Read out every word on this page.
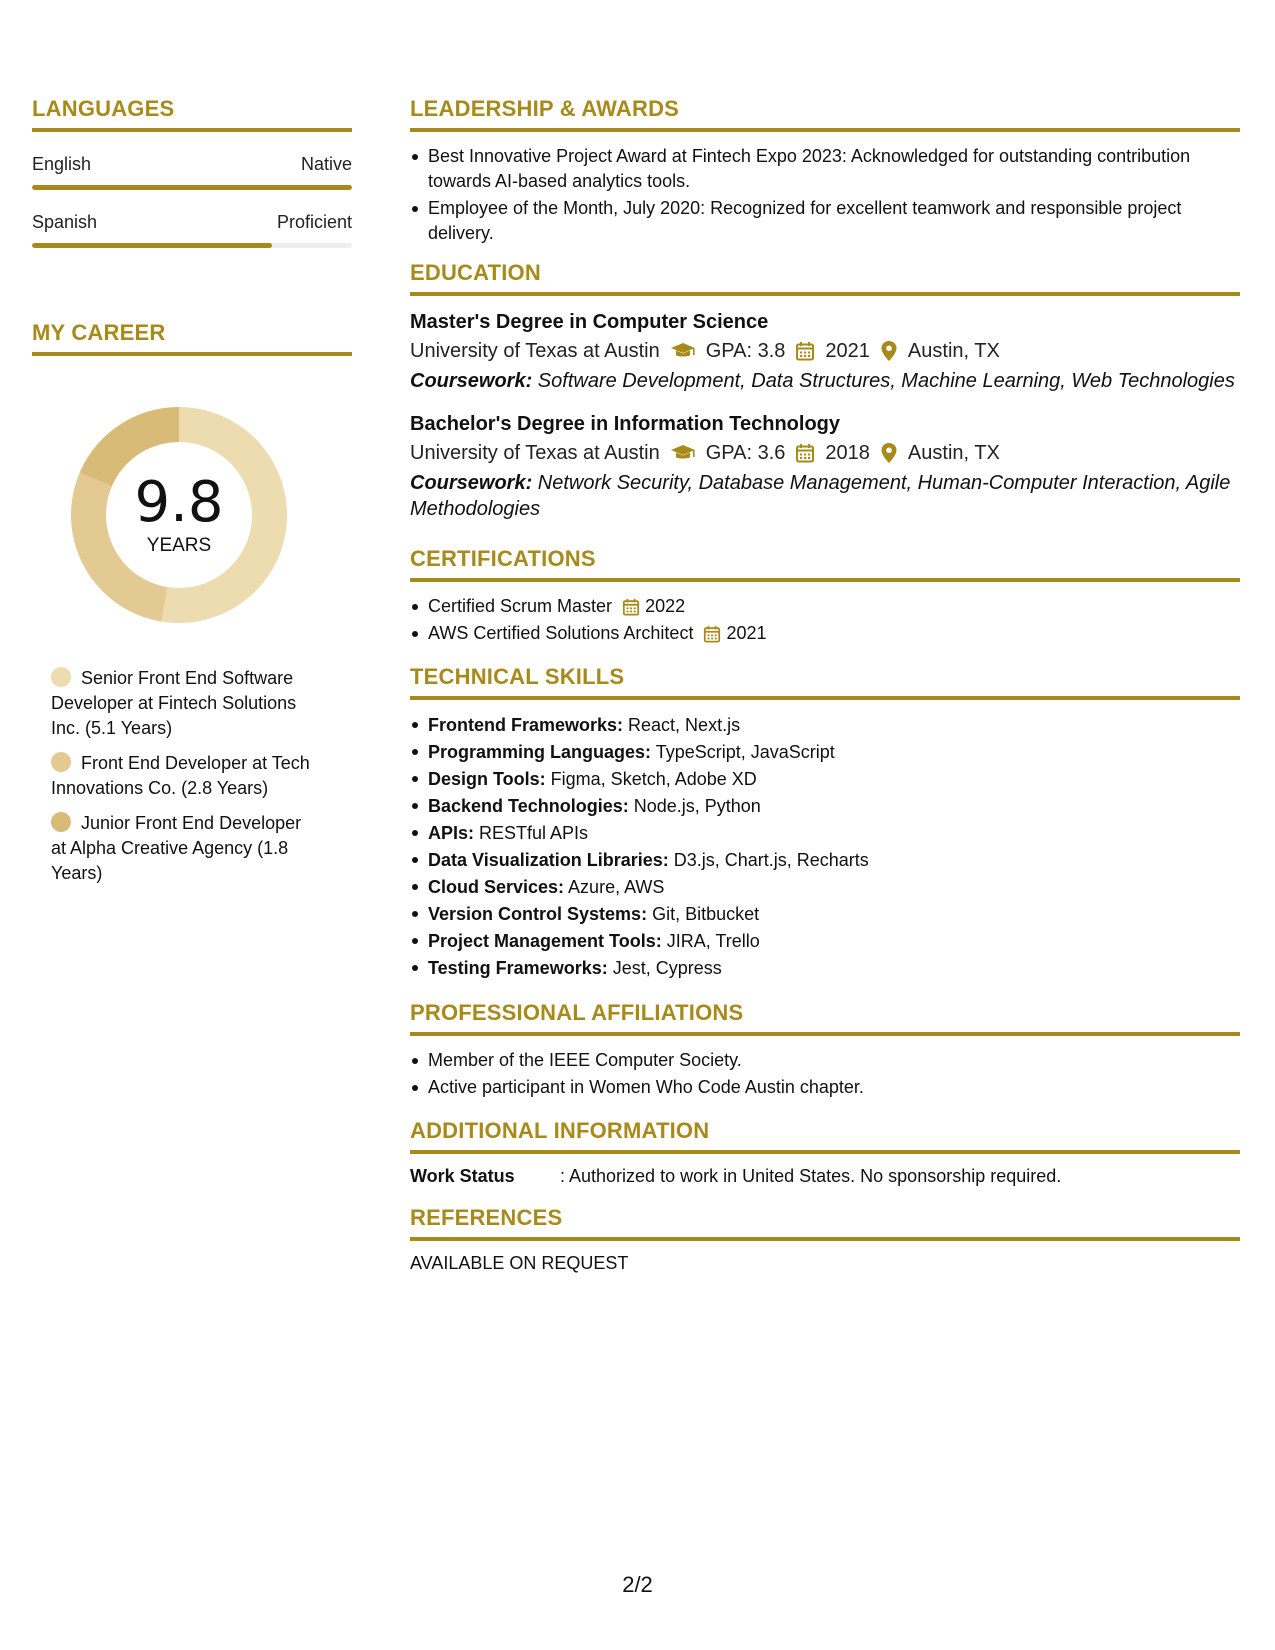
LANGUAGES
English	Native
Spanish	Proficient
MY CAREER
9.8
YEARS
Senior Front End Software Developer at Fintech Solutions Inc. (5.1 Years)
Front End Developer at Tech Innovations Co. (2.8 Years)
Junior Front End Developer at Alpha Creative Agency (1.8 Years)
LEADERSHIP & AWARDS
Best Innovative Project Award at Fintech Expo 2023: Acknowledged for outstanding contribution towards AI-based analytics tools.
Employee of the Month, July 2020: Recognized for excellent teamwork and responsible project delivery.
EDUCATION
Master's Degree in Computer Science
University of Texas at Austin GPA: 3.8 2021 Austin, TX
Coursework: Software Development, Data Structures, Machine Learning, Web Technologies
Bachelor's Degree in Information Technology
University of Texas at Austin GPA: 3.6 2018 Austin, TX
Coursework: Network Security, Database Management, Human-Computer Interaction, Agile Methodologies
CERTIFICATIONS
Certified Scrum Master

2022
AWS Certified Solutions Architect

2021
TECHNICAL SKILLS
Frontend Frameworks: React, Next.js
Programming Languages: TypeScript, JavaScript
Design Tools: Figma, Sketch, Adobe XD
Backend Technologies: Node.js, Python
APIs: RESTful APIs
Data Visualization Libraries: D3.js, Chart.js, Recharts
Cloud Services: Azure, AWS
Version Control Systems: Git, Bitbucket
Project Management Tools: JIRA, Trello
Testing Frameworks: Jest, Cypress
PROFESSIONAL AFFILIATIONS
Member of the IEEE Computer Society.
Active participant in Women Who Code Austin chapter.
ADDITIONAL INFORMATION
Work Status	: Authorized to work in United States. No sponsorship required.
REFERENCES
AVAILABLE ON REQUEST
2/2
